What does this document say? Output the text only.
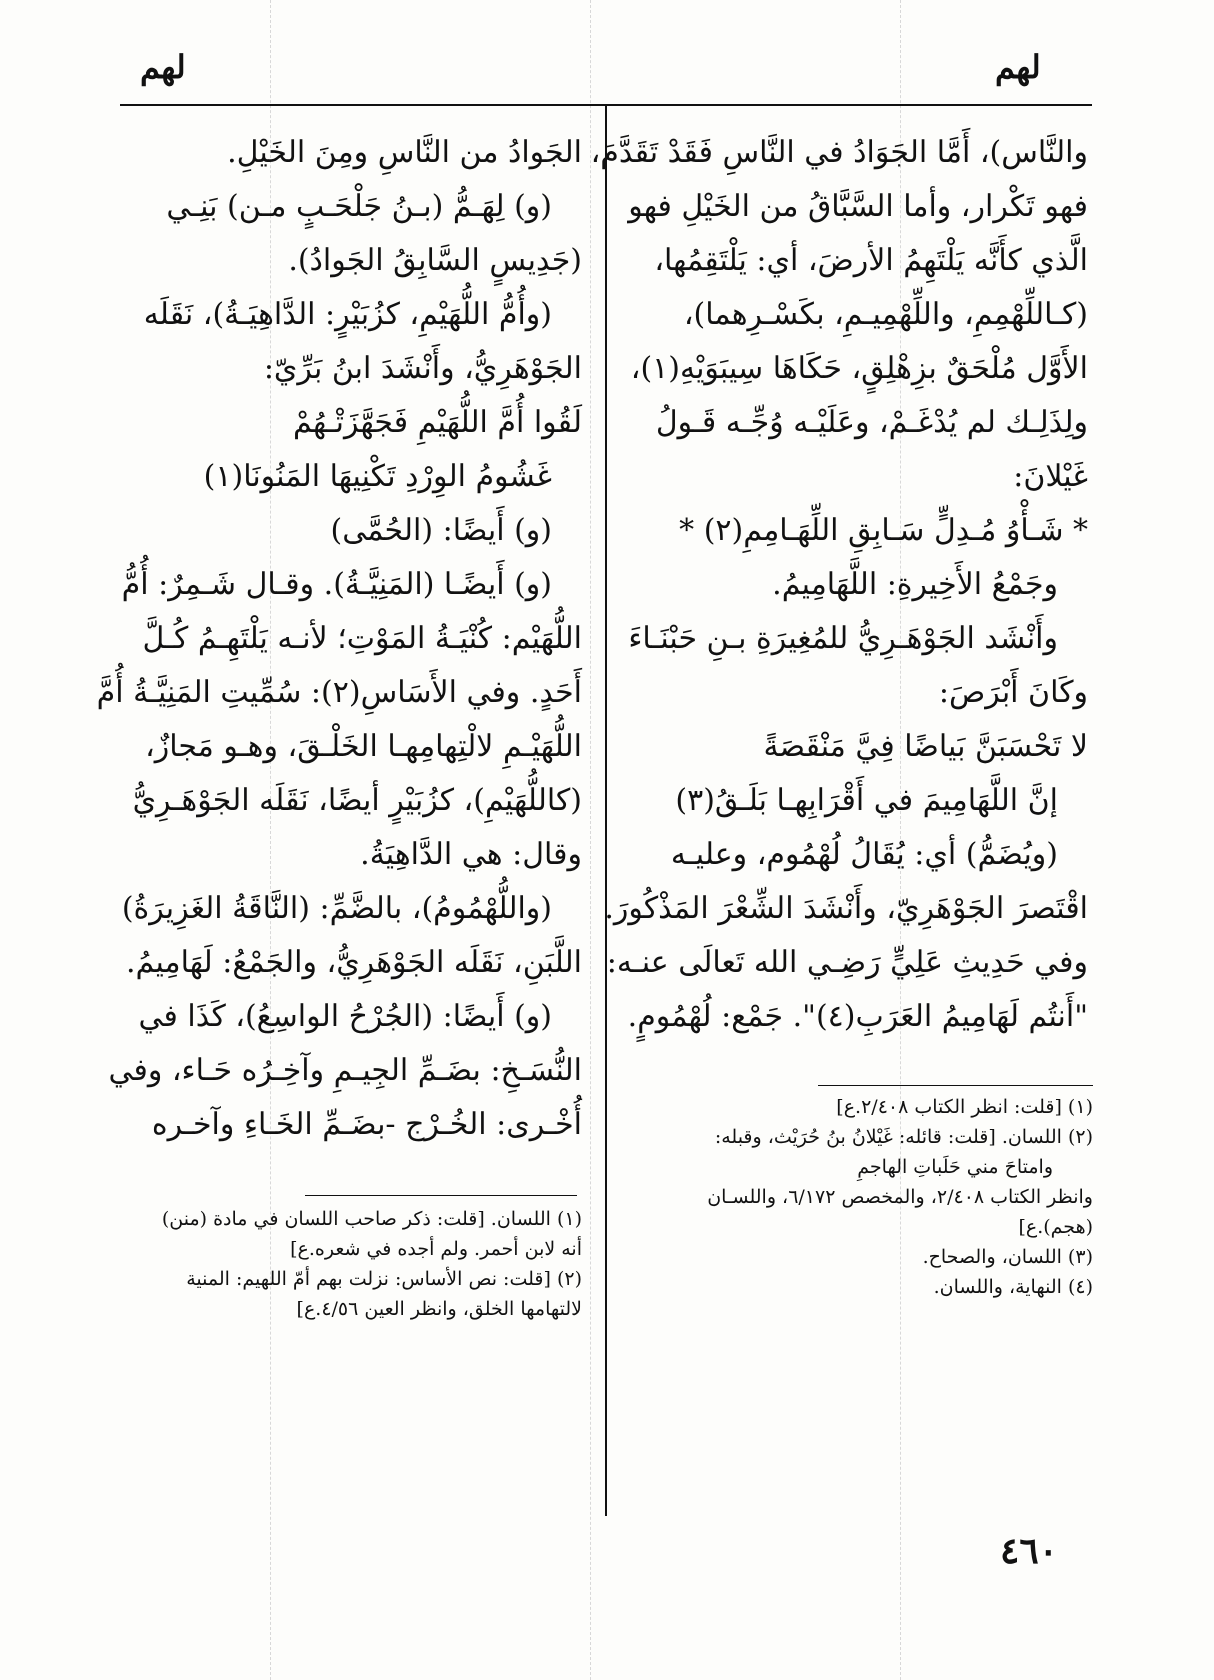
لهم
لهم
والنَّاس)، أَمَّا الجَوَادُ في النَّاسِ فَقَدْ تَقَدَّمَ،
فهو تَكْرار، وأما السَّبَّاقُ من الخَيْلِ فهو
الَّذي كأَنَّه يَلْتَهِمُ الأرضَ، أي: يَلْتَقِمُها،
(كـاللِّهْمِمِ، واللِّهْمِيـمِ، بكَسْـرِهما)،
الأَوَّل مُلْحَقٌ بزِهْلِقٍ، حَكَاهَا سِيبَوَيْهِ(١)،
ولِذَلِـك لم يُدْغَـمْ، وعَلَيْـه وُجِّـه قَـولُ
غَيْلانَ:
* شَـأْوُ مُـدِلٍّ سَـابِقِ اللِّهَـامِمِ(٢) *
وجَمْعُ الأَخِيرةِ: اللَّهَامِيمُ.
وأَنْشَد الجَوْهَـرِيُّ للمُغِيرَةِ بـنِ حَبْنَـاءَ
وكَانَ أَبْرَصَ:
لا تَحْسَبَنَّ بَياضًا فِيَّ مَنْقَصَةً
إنَّ اللَّهَامِيمَ في أَقْرَابِهـا بَلَـقُ(٣)
(ويُضَمُّ) أي: يُقَالُ لُهْمُوم، وعليـه
اقْتَصرَ الجَوْهَرِيّ، وأَنْشَدَ الشِّعْرَ المَذْكُورَ.
وفي حَدِيثِ عَلِيٍّ رَضِـي الله تَعالَى عنـه:
"أَنتُم لَهَامِيمُ العَرَبِ(٤)". جَمْع: لُهْمُومٍ.
(١) [قلت: انظر الكتاب ٢/٤٠٨.ع]
(٢) اللسان. [قلت: قائله: غَيْلانُ بنُ حُرَيْث، وقبله:
وامتاحَ مني حَلَباتِ الهاجمِ
وانظر الكتاب ٢/٤٠٨، والمخصص ٦/١٧٢، واللسـان
(هجم).ع]
(٣) اللسان، والصحاح.
(٤) النهاية، واللسان.
الجَوادُ من النَّاسِ ومِنَ الخَيْلِ.
(و) لِهَـمُّ (بـنُ جَلْحَـبٍ مـن) بَنِـي
(جَدِيسٍ السَّابِقُ الجَوادُ).
(وأُمُّ اللُّهَيْمِ، كزُبَيْرٍ: الدَّاهِيَـةُ)، نَقَلَه
الجَوْهَرِيُّ، وأَنْشَدَ ابنُ بَرِّيّ:
لَقُوا أُمَّ اللُّهَيْمِ فَجَهَّزَتْـهُمْ
غَشُومُ الوِرْدِ تَكْنِيهَا المَنُونَا(١)
(و) أَيضًا: (الحُمَّى)
(و) أَيضًـا (المَنِيَّـةُ). وقـال شَـمِرٌ: أُمُّ
اللُّهَيْم: كُنْيَـةُ المَوْتِ؛ لأنـه يَلْتَهِـمُ كُـلَّ
أَحَدٍ. وفي الأَسَاسِ(٢): سُمِّيتِ المَنِيَّـةُ أُمَّ
اللُّهَيْـمِ لالْتِهامِهـا الخَلْـقَ، وهـو مَجازٌ،
(كاللُّهَيْمِ)، كزُبَيْرٍ أيضًا، نَقَلَه الجَوْهَـرِيُّ
وقال: هي الدَّاهِيَةُ.
(واللُّهْمُومُ)، بالضَّمِّ: (النَّاقَةُ الغَزِيرَةُ)
اللَّبَنِ، نَقَلَه الجَوْهَرِيُّ، والجَمْعُ: لَهَامِيمُ.
(و) أَيضًا: (الجُرْحُ الواسِعُ)، كَذَا في
النُّسَـخِ: بضَـمِّ الجِيـمِ وآخِـرُه حَـاء، وفي
أُخْـرى: الخُـرْج -بضَـمِّ الخَـاءِ وآخـره
(١) اللسان. [قلت: ذكر صاحب اللسان في مادة (منن)
أنه لابن أحمر. ولم أجده في شعره.ع]
(٢) [قلت: نص الأساس: نزلت بهم أمّ اللهيم: المنية
لالتهامها الخلق، وانظر العين ٤/٥٦.ع]
٤٦٠
